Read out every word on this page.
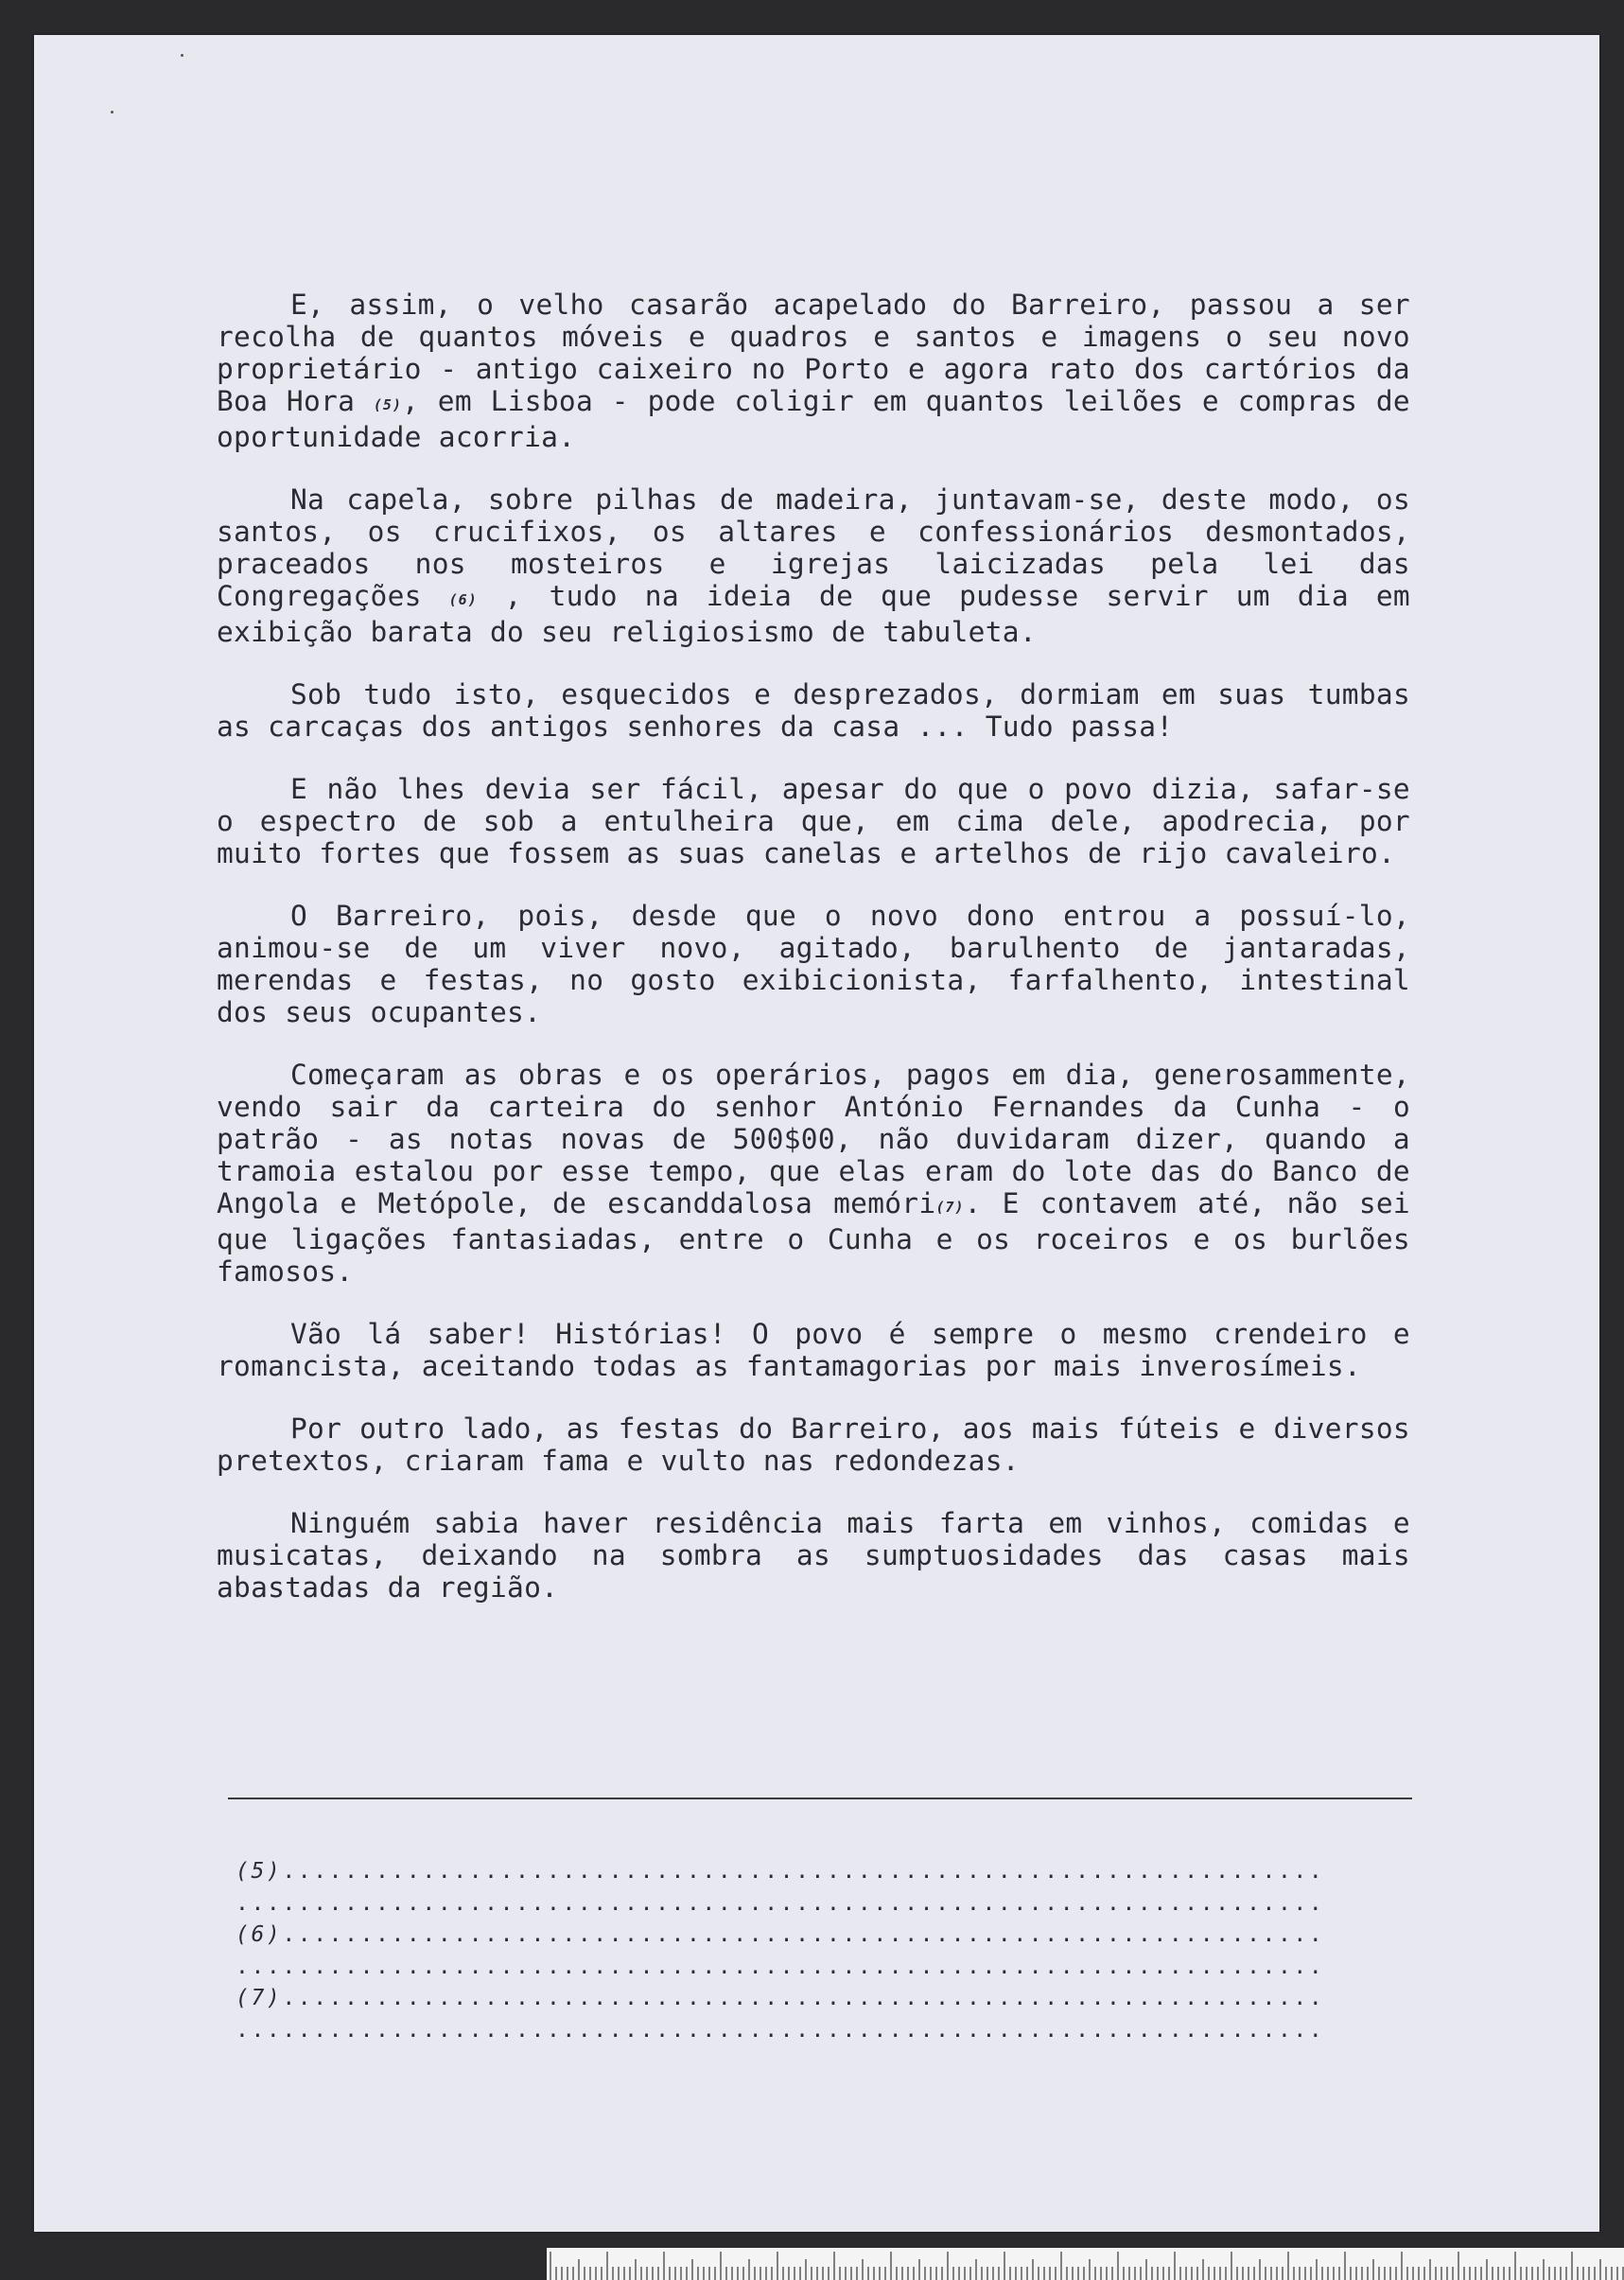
E, assim, o velho casarão acapelado do Barreiro, passou a ser recolha de quantos móveis e quadros e santos e imagens o seu novo proprietário - antigo caixeiro no Porto e agora rato dos cartórios da Boa Hora (5), em Lisboa - pode coligir em quantos leilões e compras de oportunidade acorria.

Na capela, sobre pilhas de madeira, juntavam-se, deste modo, os santos, os crucifixos, os altares e confessionários desmontados, praceados nos mosteiros e igrejas laicizadas pela lei das Congregações (6) , tudo na ideia de que pudesse servir um dia em exibição barata do seu religiosismo de tabuleta.

Sob tudo isto, esquecidos e desprezados, dormiam em suas tumbas as carcaças dos antigos senhores da casa ... Tudo passa!

E não lhes devia ser fácil, apesar do que o povo dizia, safar-se o espectro de sob a entulheira que, em cima dele, apodrecia, por muito fortes que fossem as suas canelas e artelhos de rijo cavaleiro.

O Barreiro, pois, desde que o novo dono entrou a possuí-lo, animou-se de um viver novo, agitado, barulhento de jantaradas, merendas e festas, no gosto exibicionista, farfalhento, intestinal dos seus ocupantes.

Começaram as obras e os operários, pagos em dia, generosammente, vendo sair da carteira do senhor António Fernandes da Cunha - o patrão - as notas novas de 500$00, não duvidaram dizer, quando a tramoia estalou por esse tempo, que elas eram do lote das do Banco de Angola e Metópole, de escanddalosa memóri(7). E contavem até, não sei que ligações fantasiadas, entre o Cunha e os roceiros e os burlões famosos.

Vão lá saber! Histórias! O povo é sempre o mesmo crendeiro e romancista, aceitando todas as fantamagorias por mais inverosímeis.

Por outro lado, as festas do Barreiro, aos mais fúteis e diversos pretextos, criaram fama e vulto nas redondezas.

Ninguém sabia haver residência mais farta em vinhos, comidas e musicatas, deixando na sombra as sumptuosidades das casas mais abastadas da região.

(5)...................................................................
......................................................................
(6)...................................................................
......................................................................
(7)...................................................................
......................................................................
